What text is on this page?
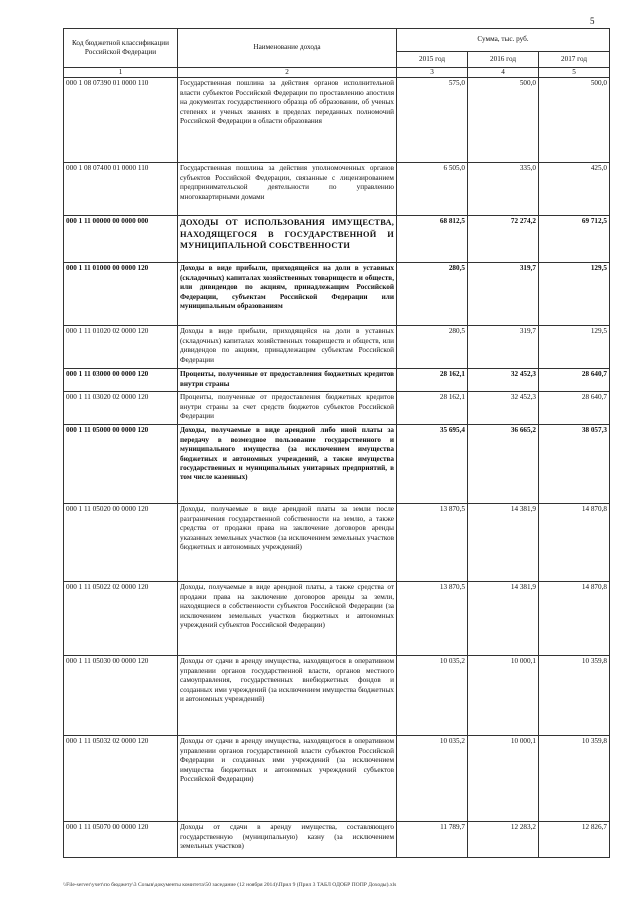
5
Код бюджетной классификации Российской Федерации	Наименование дохода	Сумма, тыс. руб.		
		2015 год	2016 год	2017 год
1	2	3	4	5
000 1 08 07390 01 0000 110	Государственная пошлина за действия органов исполнительной власти субъектов Российской Федерации по проставлению апостиля на документах государственного образца об образовании, об ученых степенях и ученых званиях в пределах переданных полномочий Российской Федерации в области образования	575,0	500,0	500,0
000 1 08 07400 01 0000 110	Государственная пошлина за действия уполномоченных органов субъектов Российской Федерации, связанные с лицензированием предпринимательской деятельности по управлению многоквартирными домами	6 505,0	335,0	425,0
000 1 11 00000 00 0000 000	ДОХОДЫ ОТ ИСПОЛЬЗОВАНИЯ ИМУЩЕСТВА, НАХОДЯЩЕГОСЯ В ГОСУДАРСТВЕННОЙ И МУНИЦИПАЛЬНОЙ СОБСТВЕННОСТИ	68 812,5	72 274,2	69 712,5
000 1 11 01000 00 0000 120	Доходы в виде прибыли, приходящейся на доли в уставных (складочных) капиталах хозяйственных товариществ и обществ, или дивидендов по акциям, принадлежащим Российской Федерации, субъектам Российской Федерации или муниципальным образованиям	280,5	319,7	129,5
000 1 11 01020 02 0000 120	Доходы в виде прибыли, приходящейся на доли в уставных (складочных) капиталах хозяйственных товариществ и обществ, или дивидендов по акциям, принадлежащим субъектам Российской Федерации	280,5	319,7	129,5
000 1 11 03000 00 0000 120	Проценты, полученные от предоставления бюджетных кредитов внутри страны	28 162,1	32 452,3	28 640,7
000 1 11 03020 02 0000 120	Проценты, полученные от предоставления бюджетных кредитов внутри страны за счет средств бюджетов субъектов Российской Федерации	28 162,1	32 452,3	28 640,7
000 1 11 05000 00 0000 120	Доходы, получаемые в виде арендной либо иной платы за передачу в возмездное пользование государственного и муниципального имущества (за исключением имущества бюджетных и автономных учреждений, а также имущества государственных и муниципальных унитарных предприятий, в том числе казенных)	35 695,4	36 665,2	38 057,3
000 1 11 05020 00 0000 120	Доходы, получаемые в виде арендной платы за земли после разграничения государственной собственности на землю, а также средства от продажи права на заключение договоров аренды указанных земельных участков (за исключением земельных участков бюджетных и автономных учреждений)	13 870,5	14 381,9	14 870,8
000 1 11 05022 02 0000 120	Доходы, получаемые в виде арендной платы, а также средства от продажи права на заключение договоров аренды за земли, находящиеся в собственности субъектов Российской Федерации (за исключением земельных участков бюджетных и автономных учреждений субъектов Российской Федерации)	13 870,5	14 381,9	14 870,8
000 1 11 05030 00 0000 120	Доходы от сдачи в аренду имущества, находящегося в оперативном управлении органов государственной власти, органов местного самоуправления, государственных внебюджетных фондов и созданных ими учреждений (за исключением имущества бюджетных и автономных учреждений)	10 035,2	10 000,1	10 359,8
000 1 11 05032 02 0000 120	Доходы от сдачи в аренду имущества, находящегося в оперативном управлении органов государственной власти субъектов Российской Федерации и созданных ими учреждений (за исключением имущества бюджетных и автономных учреждений субъектов Российской Федерации)	10 035,2	10 000,1	10 359,8
000 1 11 05070 00 0000 120	Доходы от сдачи в аренду имущества, составляющего государственную (муниципальную) казну (за исключением земельных участков)	11 789,7	12 283,2	12 826,7
\\File-server\учет\по бюджету\3 Созыв\документы комитета\50 заседание (12 ноября 2014)\Прил 9 (Прил 3 ТАБЛ ОДОБР ПОПР Доходы).xls
